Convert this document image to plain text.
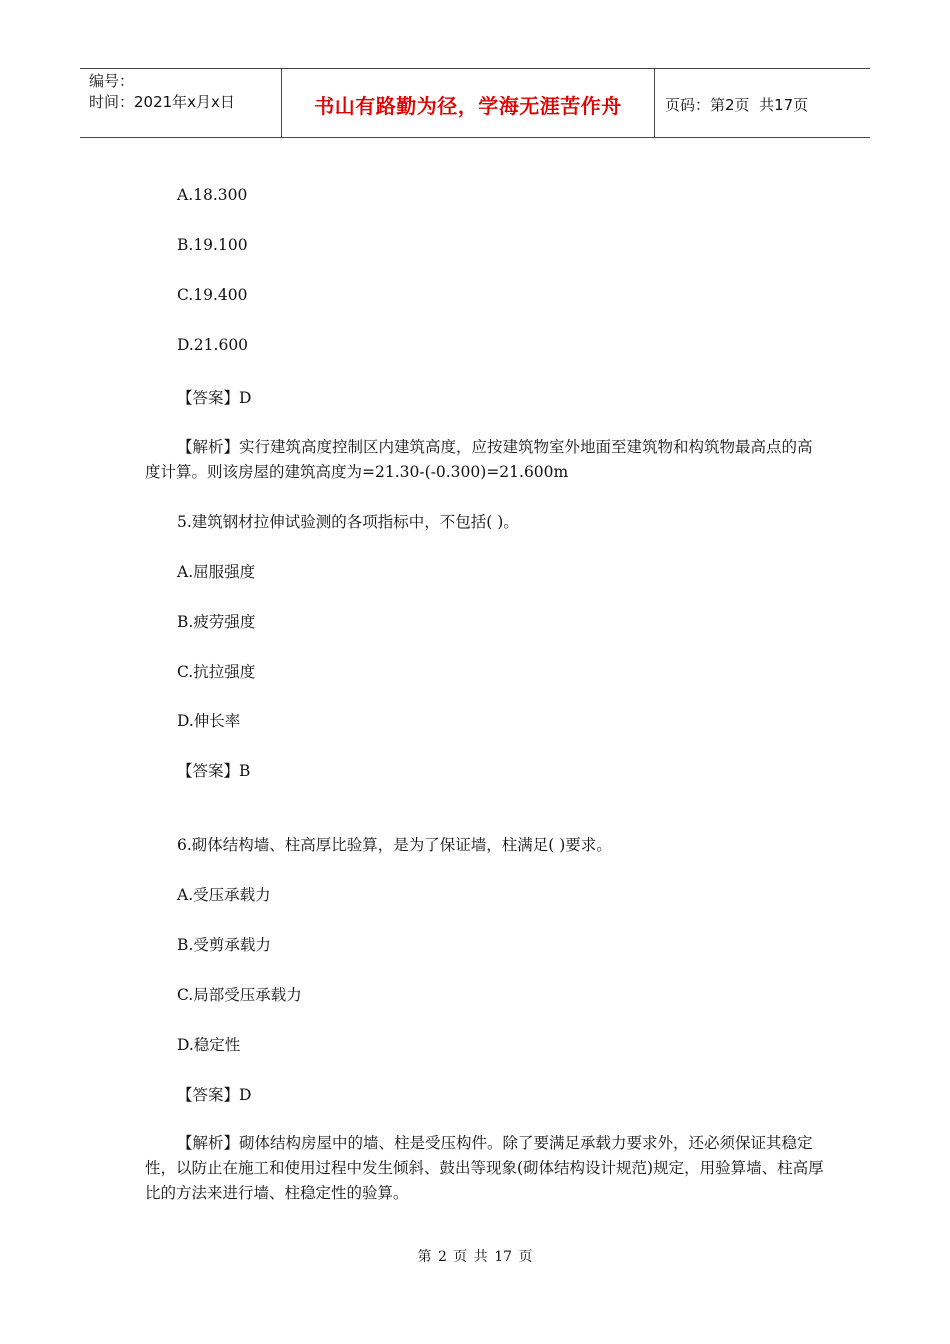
编号：
时间：2021年x月x日	书山有路勤为径，学海无涯苦作舟	页码：第2页  共17页
A.18.300
B.19.100
C.19.400
D.21.600
【答案】D
【解析】实行建筑高度控制区内建筑高度，应按建筑物室外地面至建筑物和构筑物最高点的高度计算。则该房屋的建筑高度为=21.30-(-0.300)=21.600m
5.建筑钢材拉伸试验测的各项指标中，不包括( )。
A.屈服强度
B.疲劳强度
C.抗拉强度
D.伸长率
【答案】B
6.砌体结构墙、柱高厚比验算，是为了保证墙，柱满足( )要求。
A.受压承载力
B.受剪承载力
C.局部受压承载力
D.稳定性
【答案】D
【解析】砌体结构房屋中的墙、柱是受压构件。除了要满足承载力要求外，还必须保证其稳定性，以防止在施工和使用过程中发生倾斜、鼓出等现象(砌体结构设计规范)规定，用验算墙、柱高厚比的方法来进行墙、柱稳定性的验算。
第 2 页 共 17 页
